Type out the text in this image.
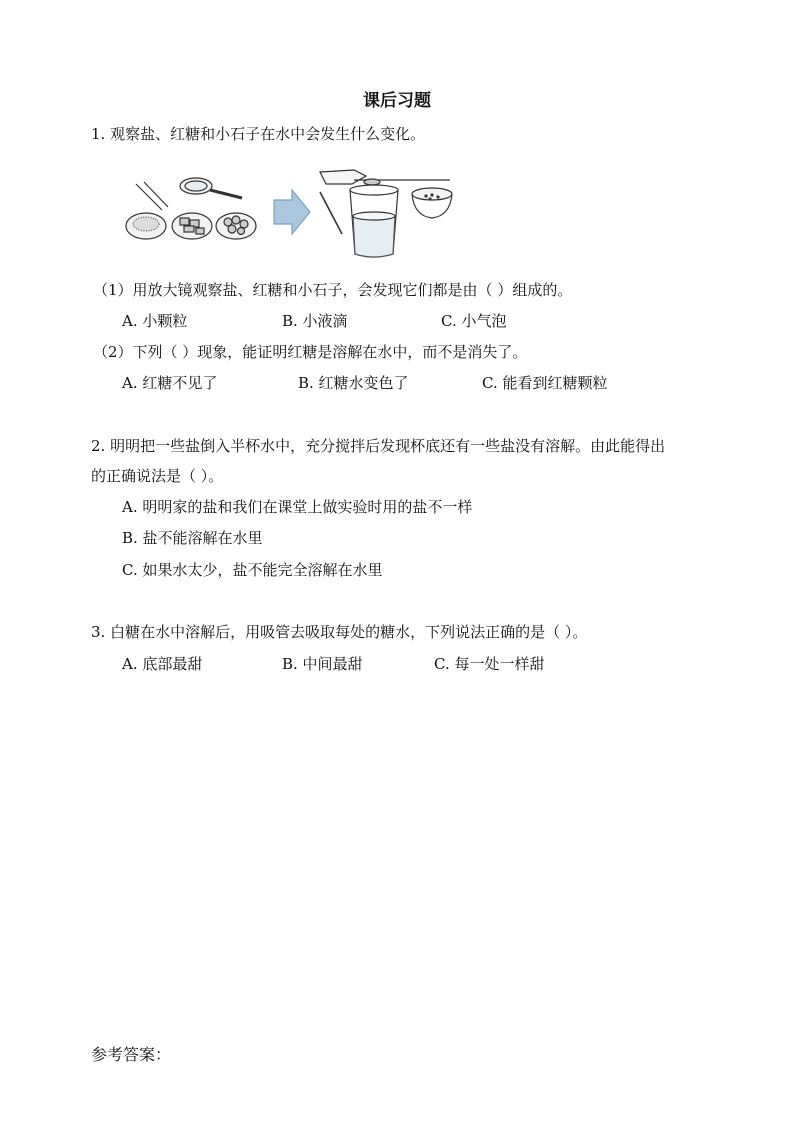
课后习题
1. 观察盐、红糖和小石子在水中会发生什么变化。
（1）用放大镜观察盐、红糖和小石子，会发现它们都是由（ ）组成的。
A. 小颗粒	B. 小液滴	C. 小气泡
（2）下列（ ）现象，能证明红糖是溶解在水中，而不是消失了。
A. 红糖不见了	B. 红糖水变色了	C. 能看到红糖颗粒
2. 明明把一些盐倒入半杯水中，充分搅拌后发现杯底还有一些盐没有溶解。由此能得出
的正确说法是（ ）。
A. 明明家的盐和我们在课堂上做实验时用的盐不一样
B. 盐不能溶解在水里
C. 如果水太少，盐不能完全溶解在水里
3. 白糖在水中溶解后，用吸管去吸取每处的糖水，下列说法正确的是（ ）。
A. 底部最甜	B. 中间最甜	C. 每一处一样甜
参考答案：
